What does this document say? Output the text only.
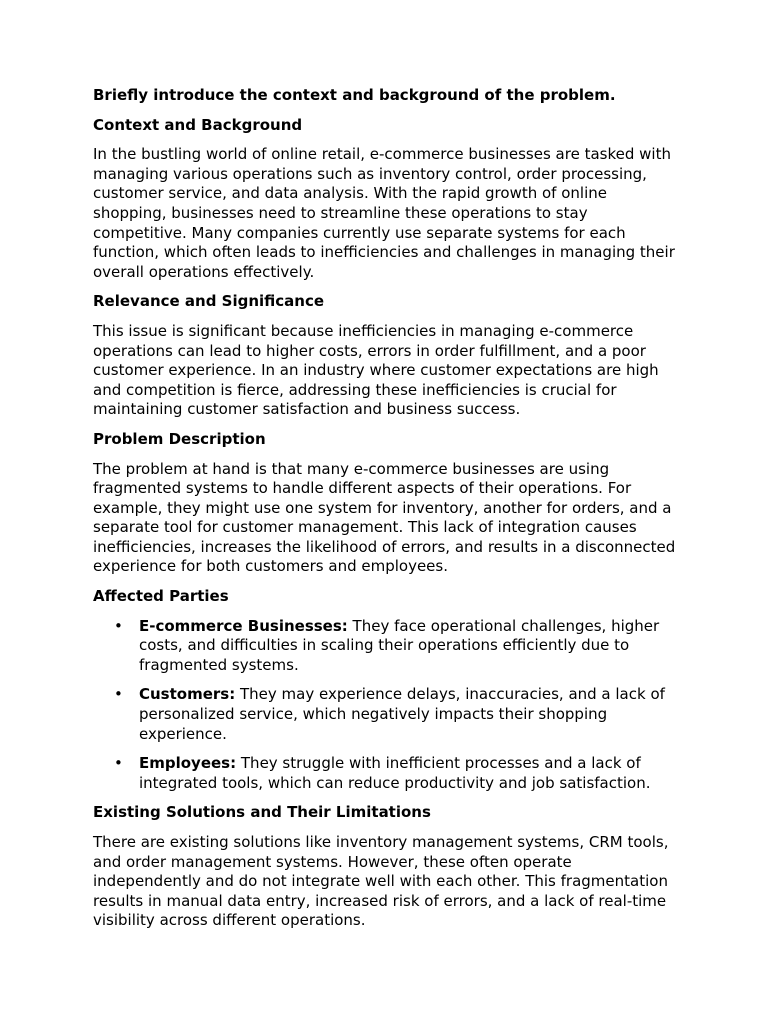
Briefly introduce the context and background of the problem.

Context and Background

In the bustling world of online retail, e-commerce businesses are tasked with managing various operations such as inventory control, order processing, customer service, and data analysis. With the rapid growth of online shopping, businesses need to streamline these operations to stay competitive. Many companies currently use separate systems for each function, which often leads to inefficiencies and challenges in managing their overall operations effectively.

Relevance and Significance

This issue is significant because inefficiencies in managing e-commerce operations can lead to higher costs, errors in order fulfillment, and a poor customer experience. In an industry where customer expectations are high and competition is fierce, addressing these inefficiencies is crucial for maintaining customer satisfaction and business success.

Problem Description

The problem at hand is that many e-commerce businesses are using fragmented systems to handle different aspects of their operations. For example, they might use one system for inventory, another for orders, and a separate tool for customer management. This lack of integration causes inefficiencies, increases the likelihood of errors, and results in a disconnected experience for both customers and employees.

Affected Parties

• E-commerce Businesses: They face operational challenges, higher costs, and difficulties in scaling their operations efficiently due to fragmented systems.
• Customers: They may experience delays, inaccuracies, and a lack of personalized service, which negatively impacts their shopping experience.
• Employees: They struggle with inefficient processes and a lack of integrated tools, which can reduce productivity and job satisfaction.

Existing Solutions and Their Limitations

There are existing solutions like inventory management systems, CRM tools, and order management systems. However, these often operate independently and do not integrate well with each other. This fragmentation results in manual data entry, increased risk of errors, and a lack of real-time visibility across different operations.
